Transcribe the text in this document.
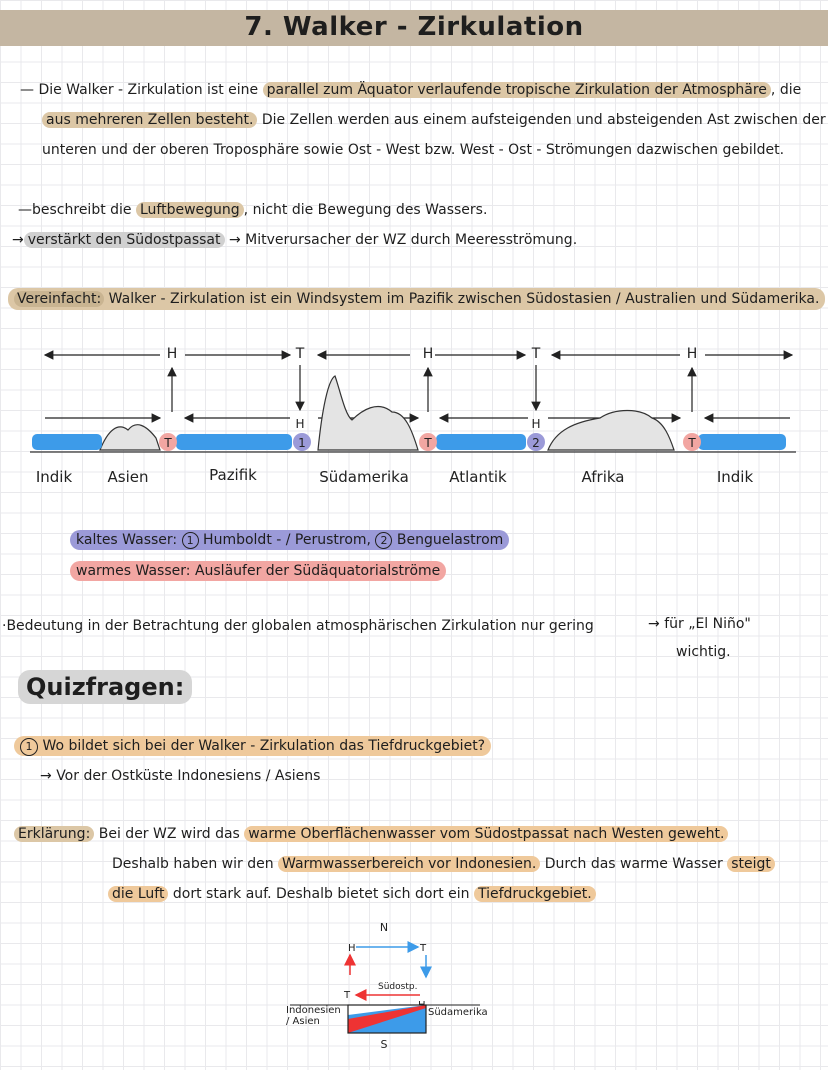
7. Walker - Zirkulation
— Die Walker - Zirkulation ist eine parallel zum Äquator verlaufende tropische Zirkulation der Atmosphäre , die
aus mehreren Zellen besteht. Die Zellen werden aus einem aufsteigenden und absteigenden Ast zwischen der
unteren und der oberen Troposphäre sowie Ost - West bzw. West - Ost - Strömungen dazwischen gebildet.
—beschreibt die Luftbewegung , nicht die Bewegung des Wassers.
→ verstärkt den Südostpassat → Mitverursacher der WZ durch Meeresströmung.
Vereinfacht: Walker - Zirkulation ist ein Windsystem im Pazifik zwischen Südostasien / Australien und Südamerika.
H	T	H	T	H
H	H
T	T	T
1	2
Indik Asien	Pazifik	Südamerika	Atlantik	Afrika	Indik
kaltes Wasser: 1 Humboldt - / Perustrom, 2 Benguelastrom
warmes Wasser: Ausläufer der Südäquatorialströme
·Bedeutung in der Betrachtung der globalen atmosphärischen Zirkulation nur gering	→ für „El Niño"
wichtig.
Quizfragen:
1 Wo bildet sich bei der Walker - Zirkulation das Tiefdruckgebiet?
→ Vor der Ostküste Indonesiens / Asiens
Erklärung: Bei der WZ wird das warme Oberflächenwasser vom Südostpassat nach Westen geweht.
Deshalb haben wir den Warmwasserbereich vor Indonesien. Durch das warme Wasser steigt
die Luft dort stark auf. Deshalb bietet sich dort ein Tiefdruckgebiet.
N
H	T
Südostp.
T
S
Indonesien / Asien
Südamerika
